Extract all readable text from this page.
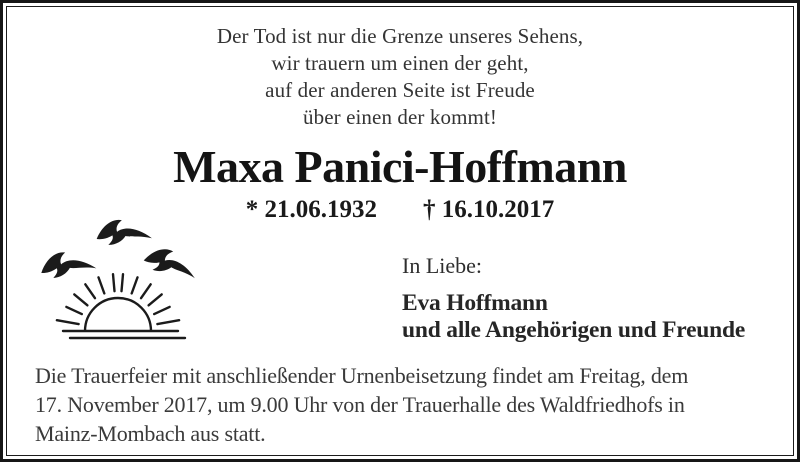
Der Tod ist nur die Grenze unseres Sehens,
wir trauern um einen der geht,
auf der anderen Seite ist Freude
über einen der kommt!
Maxa Panici-Hoffmann
* 21.06.1932 † 16.10.2017
In Liebe:
Eva Hoffmann
und alle Angehörigen und Freunde
Die Trauerfeier mit anschließender Urnenbeisetzung findet am Freitag, dem
17. November 2017, um 9.00 Uhr von der Trauerhalle des Waldfriedhofs in
Mainz-Mombach aus statt.
